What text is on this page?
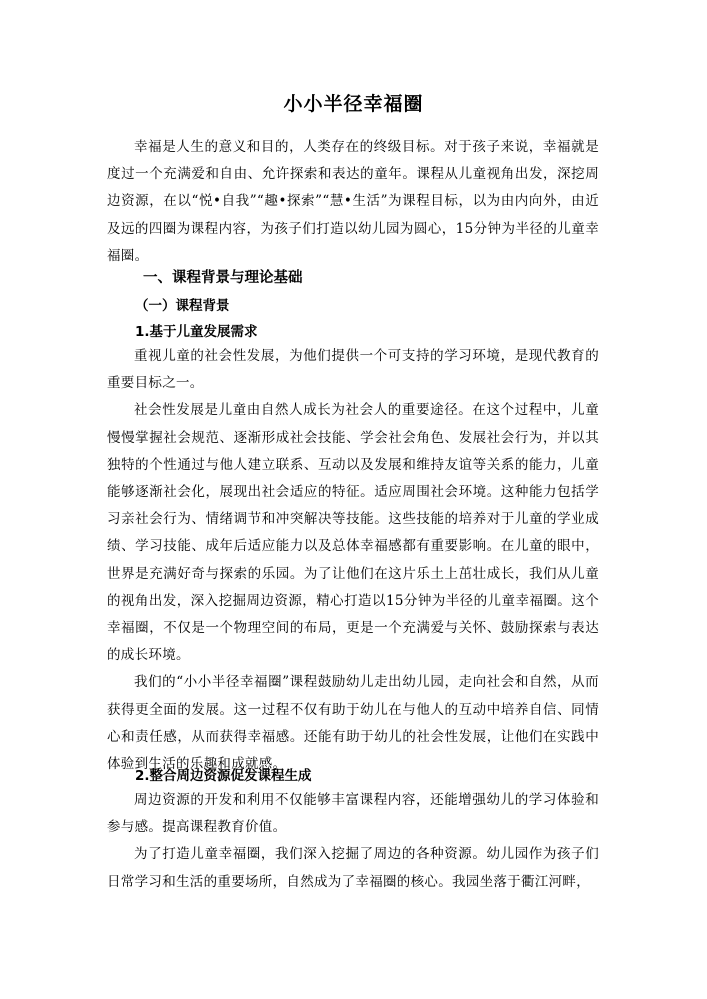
小小半径幸福圈

幸福是人生的意义和目的，人类存在的终级目标。对于孩子来说，幸福就是度过一个充满爱和自由、允许探索和表达的童年。课程从儿童视角出发，深挖周边资源，在以“悦•自我”“趣•探索”“慧•生活”为课程目标，以为由内向外，由近及远的四圈为课程内容，为孩子们打造以幼儿园为圆心，15分钟为半径的儿童幸福圈。

一、课程背景与理论基础
（一）课程背景
1.基于儿童发展需求

重视儿童的社会性发展，为他们提供一个可支持的学习环境，是现代教育的重要目标之一。

社会性发展是儿童由自然人成长为社会人的重要途径。在这个过程中，儿童慢慢掌握社会规范、逐渐形成社会技能、学会社会角色、发展社会行为，并以其独特的个性通过与他人建立联系、互动以及发展和维持友谊等关系的能力，儿童能够逐渐社会化，展现出社会适应的特征。适应周围社会环境。这种能力包括学习亲社会行为、情绪调节和冲突解决等技能。这些技能的培养对于儿童的学业成绩、学习技能、成年后适应能力以及总体幸福感都有重要影响。在儿童的眼中，世界是充满好奇与探索的乐园。为了让他们在这片乐土上茁壮成长，我们从儿童的视角出发，深入挖掘周边资源，精心打造以15分钟为半径的儿童幸福圈。这个幸福圈，不仅是一个物理空间的布局，更是一个充满爱与关怀、鼓励探索与表达的成长环境。

我们的“小小半径幸福圈”课程鼓励幼儿走出幼儿园，走向社会和自然，从而获得更全面的发展。这一过程不仅有助于幼儿在与他人的互动中培养自信、同情心和责任感，从而获得幸福感。还能有助于幼儿的社会性发展，让他们在实践中体验到生活的乐趣和成就感。

2.整合周边资源促发课程生成

周边资源的开发和利用不仅能够丰富课程内容，还能增强幼儿的学习体验和参与感。提高课程教育价值。

为了打造儿童幸福圈，我们深入挖掘了周边的各种资源。幼儿园作为孩子们日常学习和生活的重要场所，自然成为了幸福圈的核心。我园坐落于衢江河畔，
